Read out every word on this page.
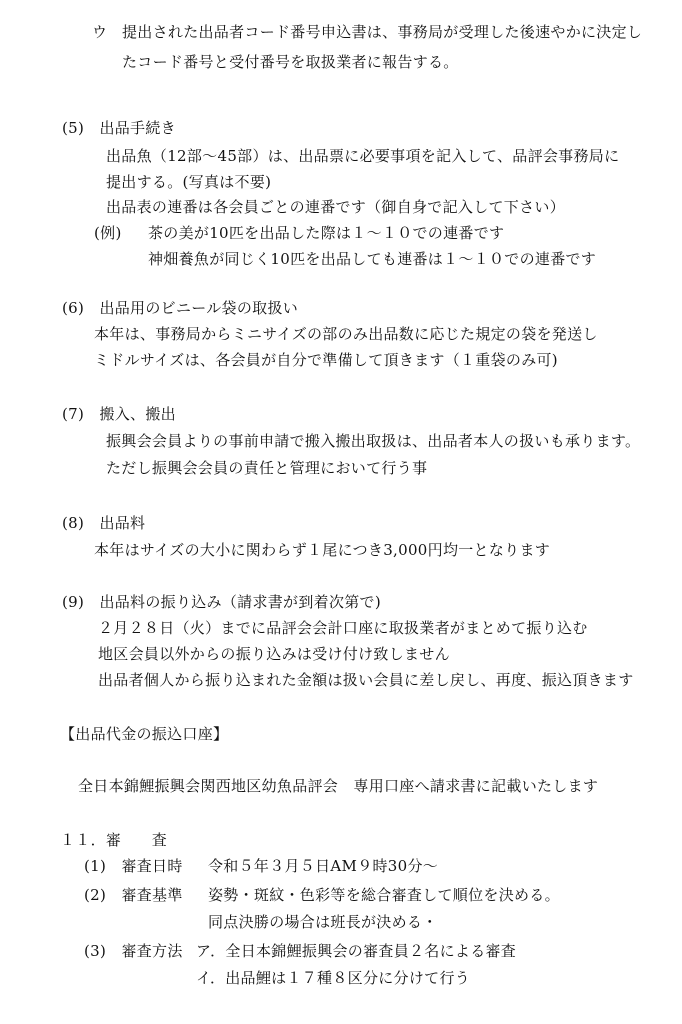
ウ 提出された出品者コード番号申込書は、事務局が受理した後速やかに決定し
たコード番号と受付番号を取扱業者に報告する。
(5)　出品手続き
出品魚（12部～45部）は、出品票に必要事項を記入して、品評会事務局に
提出する。(写真は不要)
出品表の連番は各会員ごとの連番です（御自身で記入して下さい）
(例) 茶の美が10匹を出品した際は１～１０での連番です
神畑養魚が同じく10匹を出品しても連番は１～１０での連番です
(6)　出品用のビニール袋の取扱い
本年は、事務局からミニサイズの部のみ出品数に応じた規定の袋を発送し
ミドルサイズは、各会員が自分で準備して頂きます（１重袋のみ可)
(7)　搬入、搬出
振興会会員よりの事前申請で搬入搬出取扱は、出品者本人の扱いも承ります。
ただし振興会会員の責任と管理において行う事
(8)　出品料
本年はサイズの大小に関わらず１尾につき3,000円均一となります
(9)　出品料の振り込み（請求書が到着次第で)
２月２８日（火）までに品評会会計口座に取扱業者がまとめて振り込む
地区会員以外からの振り込みは受け付け致しません
出品者個人から振り込まれた金額は扱い会員に差し戻し、再度、振込頂きます
【出品代金の振込口座】
全日本錦鯉振興会関西地区幼魚品評会　専用口座へ請求書に記載いたします
１１．審　　査
(1)　審査日時 令和５年３月５日AM９時30分～
(2)　審査基準 姿勢・斑紋・色彩等を総合審査して順位を決める。
同点決勝の場合は班長が決める・
(3)　審査方法 ア．全日本錦鯉振興会の審査員２名による審査
イ．出品鯉は１７種８区分に分けて行う
